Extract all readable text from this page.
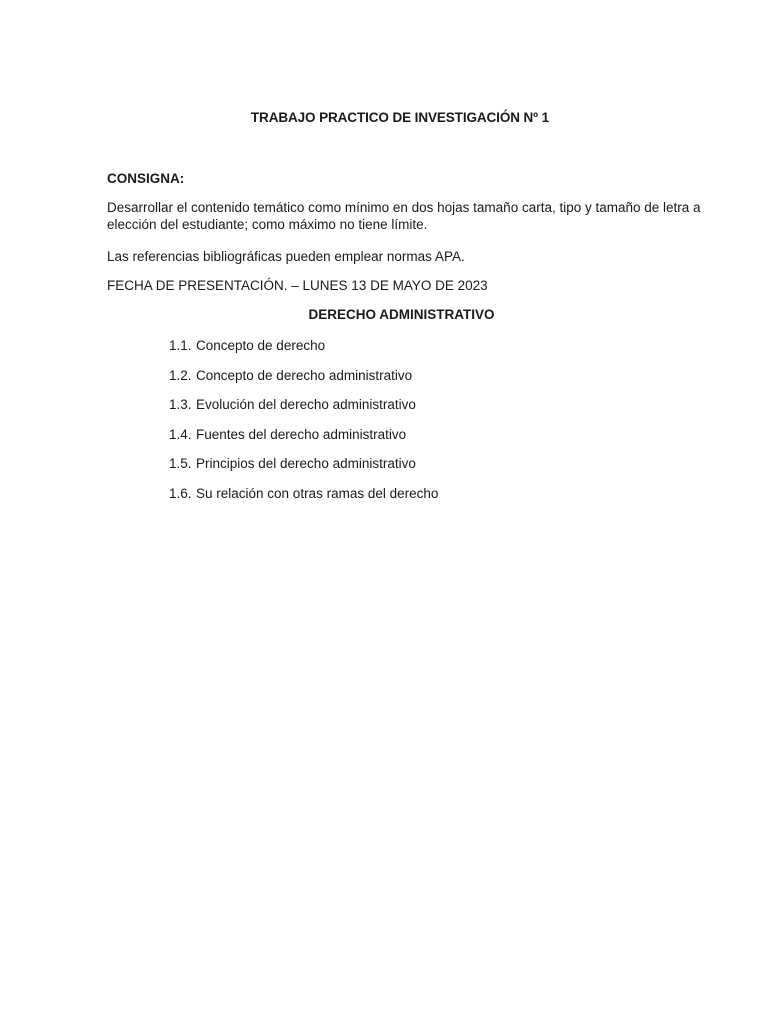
TRABAJO PRACTICO DE INVESTIGACIÓN Nº 1
CONSIGNA:
Desarrollar el contenido temático como mínimo en dos hojas tamaño carta, tipo y tamaño de letra a elección del estudiante; como máximo no tiene límite.
Las referencias bibliográficas pueden emplear normas APA.
FECHA DE PRESENTACIÓN. – LUNES 13 DE MAYO DE 2023
DERECHO ADMINISTRATIVO
1.1. Concepto de derecho
1.2. Concepto de derecho administrativo
1.3. Evolución del derecho administrativo
1.4. Fuentes del derecho administrativo
1.5. Principios del derecho administrativo
1.6. Su relación con otras ramas del derecho
